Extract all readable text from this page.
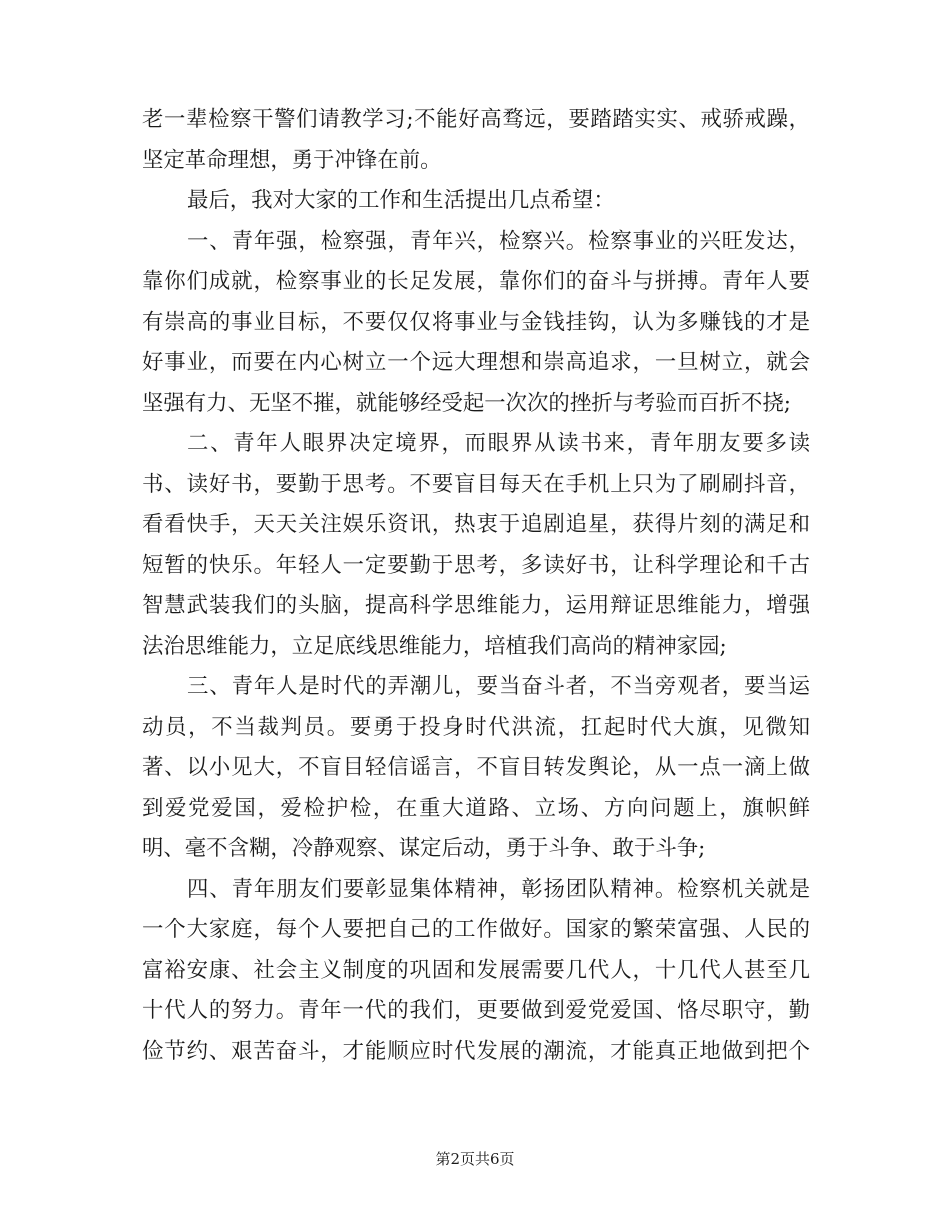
老一辈检察干警们请教学习;不能好高骛远，要踏踏实实、戒骄戒躁，
坚定革命理想，勇于冲锋在前。
最后，我对大家的工作和生活提出几点希望：
一、青年强，检察强，青年兴，检察兴。检察事业的兴旺发达，
靠你们成就，检察事业的长足发展，靠你们的奋斗与拼搏。青年人要
有崇高的事业目标，不要仅仅将事业与金钱挂钩，认为多赚钱的才是
好事业，而要在内心树立一个远大理想和崇高追求，一旦树立，就会
坚强有力、无坚不摧，就能够经受起一次次的挫折与考验而百折不挠;
二、青年人眼界决定境界，而眼界从读书来，青年朋友要多读
书、读好书，要勤于思考。不要盲目每天在手机上只为了刷刷抖音，
看看快手，天天关注娱乐资讯，热衷于追剧追星，获得片刻的满足和
短暂的快乐。年轻人一定要勤于思考，多读好书，让科学理论和千古
智慧武装我们的头脑，提高科学思维能力，运用辩证思维能力，增强
法治思维能力，立足底线思维能力，培植我们高尚的精神家园;
三、青年人是时代的弄潮儿，要当奋斗者，不当旁观者，要当运
动员，不当裁判员。要勇于投身时代洪流，扛起时代大旗，见微知
著、以小见大，不盲目轻信谣言，不盲目转发舆论，从一点一滴上做
到爱党爱国，爱检护检，在重大道路、立场、方向问题上，旗帜鲜
明、毫不含糊，冷静观察、谋定后动，勇于斗争、敢于斗争;
四、青年朋友们要彰显集体精神，彰扬团队精神。检察机关就是
一个大家庭，每个人要把自己的工作做好。国家的繁荣富强、人民的
富裕安康、社会主义制度的巩固和发展需要几代人，十几代人甚至几
十代人的努力。青年一代的我们，更要做到爱党爱国、恪尽职守，勤
俭节约、艰苦奋斗，才能顺应时代发展的潮流，才能真正地做到把个
第2页共6页
